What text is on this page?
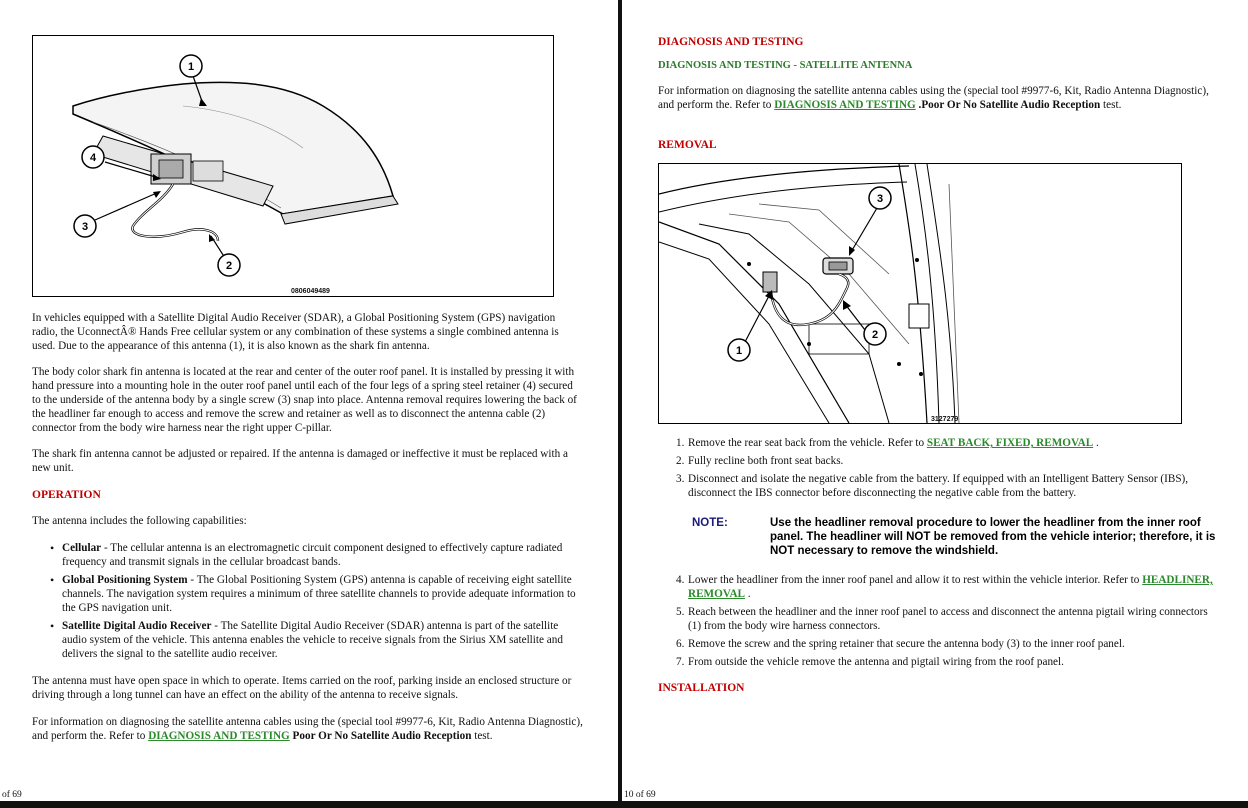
1
4
3
2
0806049489

In vehicles equipped with a Satellite Digital Audio Receiver (SDAR), a Global Positioning System (GPS) navigation radio, the UconnectÂ® Hands Free cellular system or any combination of these systems a single combined antenna is used. Due to the appearance of this antenna (1), it is also known as the shark fin antenna.

The body color shark fin antenna is located at the rear and center of the outer roof panel. It is installed by pressing it with hand pressure into a mounting hole in the outer roof panel until each of the four legs of a spring steel retainer (4) secured to the underside of the antenna body by a single screw (3) snap into place. Antenna removal requires lowering the back of the headliner far enough to access and remove the screw and retainer as well as to disconnect the antenna cable (2) connector from the body wire harness near the right upper C-pillar.

The shark fin antenna cannot be adjusted or repaired. If the antenna is damaged or ineffective it must be replaced with a new unit.

OPERATION

The antenna includes the following capabilities:

• Cellular - The cellular antenna is an electromagnetic circuit component designed to effectively capture radiated frequency and transmit signals in the cellular broadcast bands.
• Global Positioning System - The Global Positioning System (GPS) antenna is capable of receiving eight satellite channels. The navigation system requires a minimum of three satellite channels to provide adequate information to the GPS navigation unit.
• Satellite Digital Audio Receiver - The Satellite Digital Audio Receiver (SDAR) antenna is part of the satellite audio system of the vehicle. This antenna enables the vehicle to receive signals from the Sirius XM satellite and delivers the signal to the satellite audio receiver.

The antenna must have open space in which to operate. Items carried on the roof, parking inside an enclosed structure or driving through a long tunnel can have an effect on the ability of the antenna to receive signals.

For information on diagnosing the satellite antenna cables using the (special tool #9977-6, Kit, Radio Antenna Diagnostic), and perform the. Refer to DIAGNOSIS AND TESTING Poor Or No Satellite Audio Reception test.

of 69
DIAGNOSIS AND TESTING
DIAGNOSIS AND TESTING - SATELLITE ANTENNA

For information on diagnosing the satellite antenna cables using the (special tool #9977-6, Kit, Radio Antenna Diagnostic), and perform the. Refer to DIAGNOSIS AND TESTING .Poor Or No Satellite Audio Reception test.

REMOVAL
3
1
2
3127279
1. Remove the rear seat back from the vehicle. Refer to SEAT BACK, FIXED, REMOVAL .
2. Fully recline both front seat backs.
3. Disconnect and isolate the negative cable from the battery. If equipped with an Intelligent Battery Sensor (IBS), disconnect the IBS connector before disconnecting the negative cable from the battery.
NOTE:	Use the headliner removal procedure to lower the headliner from the inner roof panel. The headliner will NOT be removed from the vehicle interior; therefore, it is NOT necessary to remove the windshield.
4. Lower the headliner from the inner roof panel and allow it to rest within the vehicle interior. Refer to HEADLINER, REMOVAL .
5. Reach between the headliner and the inner roof panel to access and disconnect the antenna pigtail wiring connectors (1) from the body wire harness connectors.
6. Remove the screw and the spring retainer that secure the antenna body (3) to the inner roof panel.
7. From outside the vehicle remove the antenna and pigtail wiring from the roof panel.
INSTALLATION
10 of 69
